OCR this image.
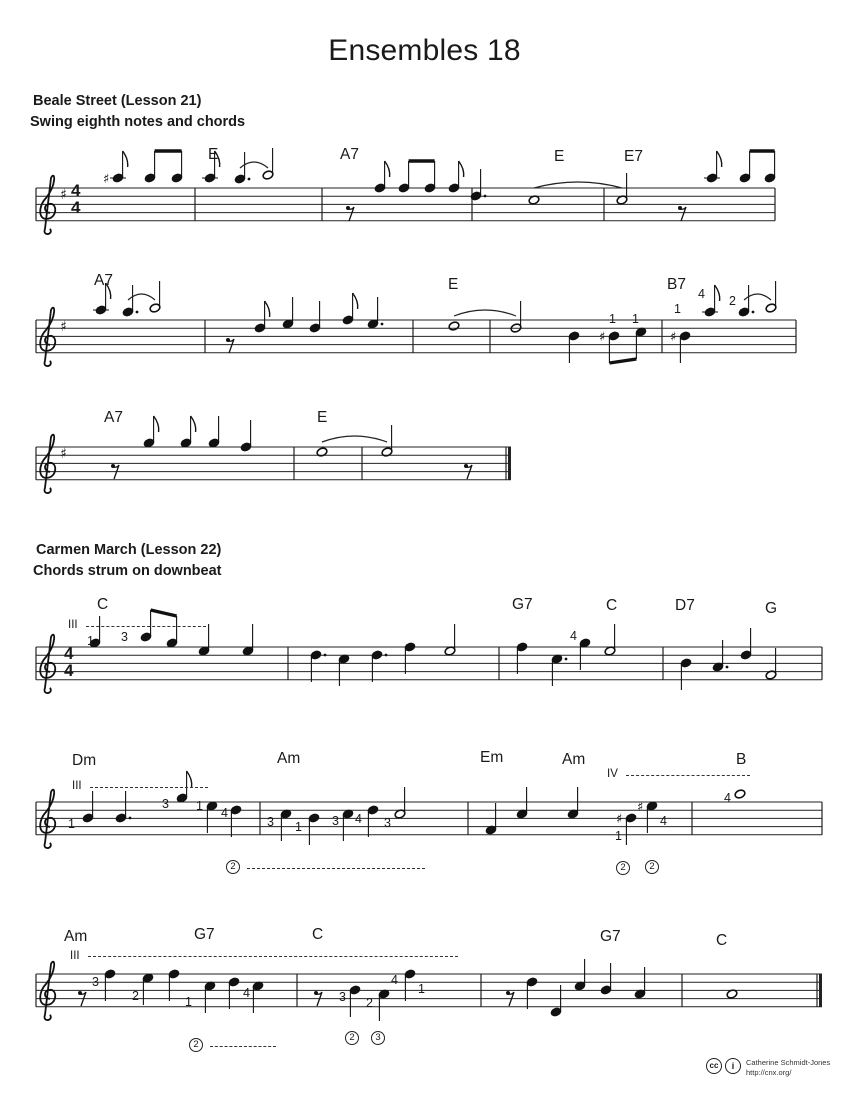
♯
♯	♯
♯
♯
♯
♯
♯
Ensembles 18
Beale Street (Lesson 21)
Swing eighth notes and chords
Carmen March (Lesson 22)
Chords strum on downbeat
4
4
4
4
E	A7	E	E7
A7	E	B7
A7	E
1 1
1
4 2
C	G7	C	D7	G
Dm	Am	Em	Am	B
Am	G7	C	G7	C
III
III
IV
III
1 3	4
1
3 1 4
3 1 3 4 3
1
4
4
3
2	1
4	3 2
4
1
2	2	2
2
2	3
cc	i	Catherine Schmidt-Jones
http://cnx.org/
